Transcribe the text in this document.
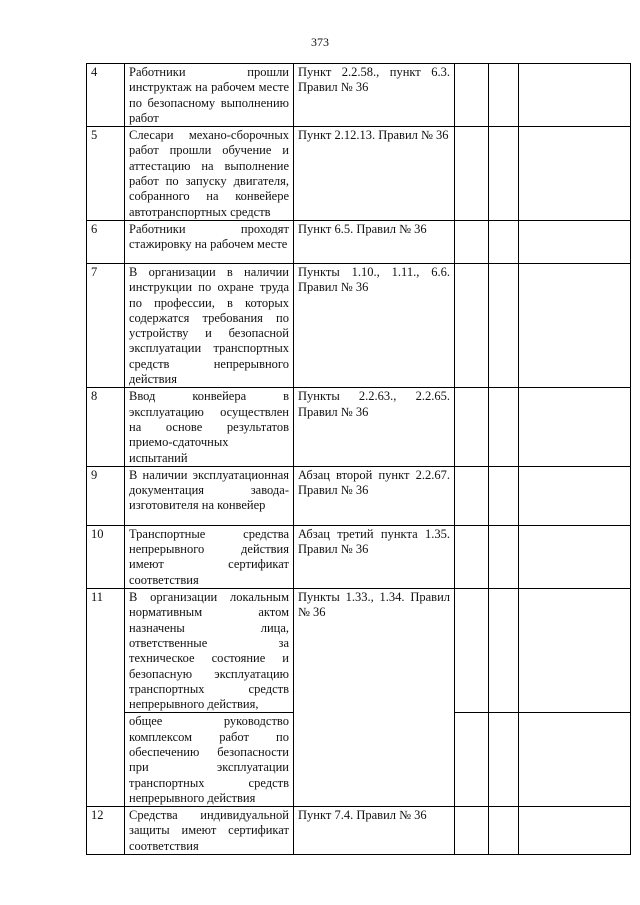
373
4	Работники прошли инструктаж на рабочем месте по безопасному выполнению работ	Пункт 2.2.58., пункт 6.3. Правил № 36			
5	Слесари механо-сборочных работ прошли обучение и аттестацию на выполнение работ по запуску двигателя, собранного на конвейере автотранспортных средств	Пункт 2.12.13. Правил № 36			
6	Работники проходят стажировку на рабочем месте	Пункт 6.5. Правил № 36			
7	В организации в наличии инструкции по охране труда по профессии, в которых содержатся требования по устройству и безопасной эксплуатации транспортных средств непрерывного действия	Пункты 1.10., 1.11., 6.6. Правил № 36			
8	Ввод конвейера в эксплуатацию осуществлен на основе результатов приемо-сдаточных испытаний	Пункты 2.2.63., 2.2.65. Правил № 36			
9	В наличии эксплуатационная документация завода-изготовителя на конвейер	Абзац второй пункт 2.2.67. Правил № 36			
10	Транспортные средства непрерывного действия имеют сертификат соответствия	Абзац третий пункта 1.35. Правил № 36			
11	В организации локальным нормативным актом назначены лица, ответственные за техническое состояние и безопасную эксплуатацию транспортных средств непрерывного действия,	Пункты 1.33., 1.34. Правил № 36			
	общее руководство комплексом работ по обеспечению безопасности при эксплуатации транспортных средств непрерывного действия				
12	Средства индивидуальной защиты имеют сертификат соответствия	Пункт 7.4. Правил № 36			
